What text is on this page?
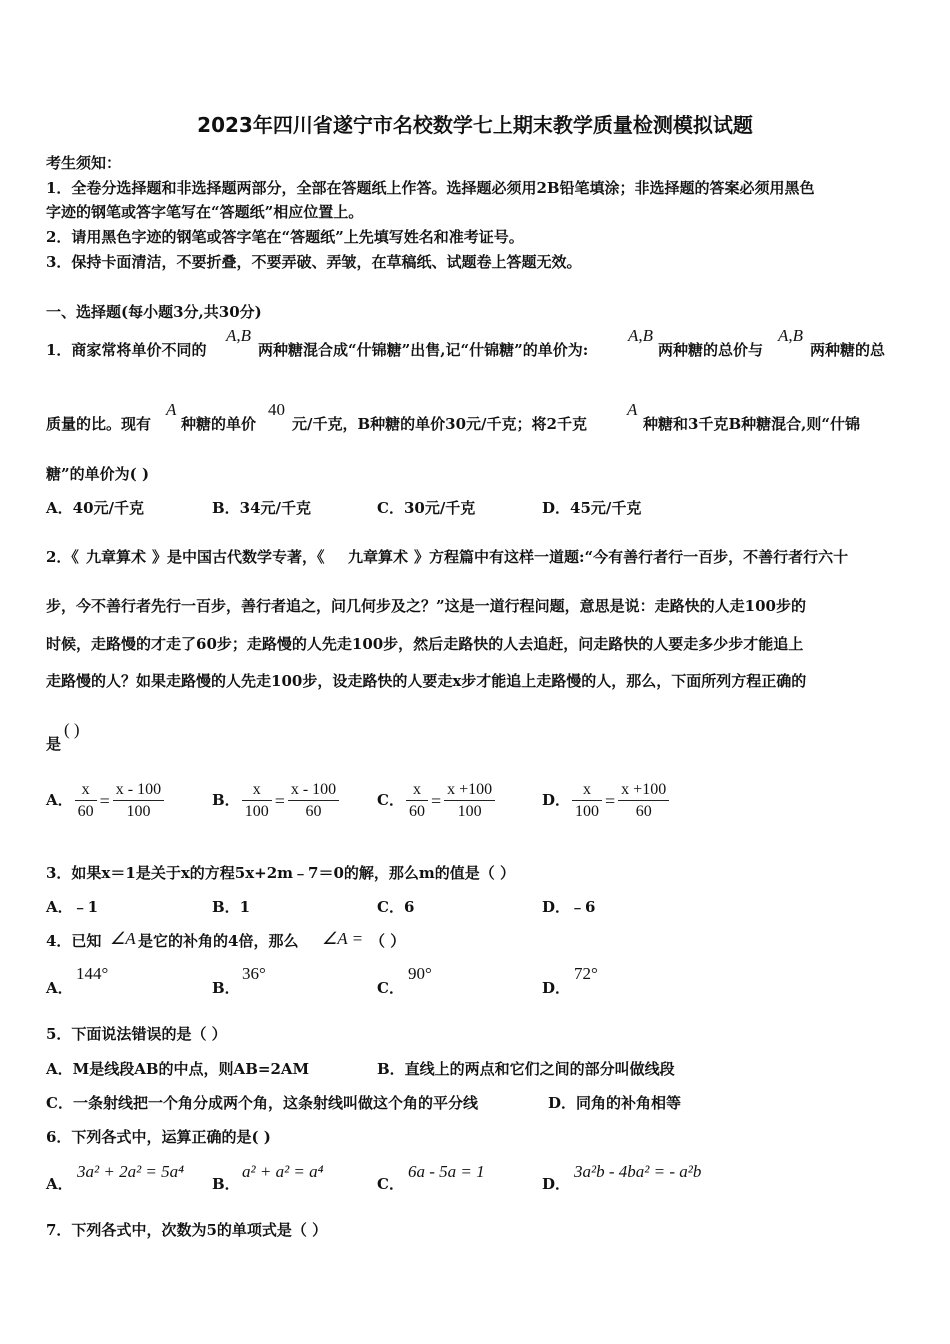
2023年四川省遂宁市名校数学七上期末教学质量检测模拟试题
考生须知：
1．全卷分选择题和非选择题两部分，全部在答题纸上作答。选择题必须用2B铅笔填涂；非选择题的答案必须用黑色
字迹的钢笔或答字笔写在“答题纸”相应位置上。
2．请用黑色字迹的钢笔或答字笔在“答题纸”上先填写姓名和准考证号。
3．保持卡面清洁，不要折叠，不要弄破、弄皱，在草稿纸、试题卷上答题无效。
一、选择题(每小题3分,共30分)
1．商家常将单价不同的
A,B
两种糖混合成“什锦糖”出售,记“什锦糖”的单价为:
A,B
两种糖的总价与
A,B
两种糖的总
质量的比。现有
A
种糖的单价
40
元/千克，B种糖的单价30元/千克；将2千克
A
种糖和3千克B种糖混合,则“什锦
糖”的单价为( )
A．40元/千克	B．34元/千克	C．30元/千克	D．45元/千克
2．《 九章算术 》是中国古代数学专著，《 九章算术 》方程篇中有这样一道题:“今有善行者行一百步，不善行者行六十
步，今不善行者先行一百步，善行者追之，问几何步及之？”这是一道行程问题，意思是说：走路快的人走100步的
时候，走路慢的才走了60步；走路慢的人先走100步，然后走路快的人去追赶，问走路快的人要走多少步才能追上
走路慢的人？如果走路慢的人先走100步，设走路快的人要走x步才能追上走路慢的人，那么，下面所列方程正确的
是
( )
A． $\frac{x}{60} = \frac{x - 100}{100}$	B． $\frac{x}{100} = \frac{x - 100}{60}$	C． $\frac{x}{60} = \frac{x +100}{100}$	D． $\frac{x}{100} = \frac{x +100}{60}$
3．如果x＝1是关于x的方程5x+2m﹣7＝0的解，那么m的值是（ ）
A．﹣1	B．1	C．6	D．﹣6
4．已知 ∠A 是它的补角的4倍，那么 ∠A = （ ）
A．
144°
B．
36°
C．
90°
D．
72°
5．下面说法错误的是（ ）
A．M是线段AB的中点，则AB=2AM	B．直线上的两点和它们之间的部分叫做线段
C．一条射线把一个角分成两个角，这条射线叫做这个角的平分线	D．同角的补角相等
6．下列各式中，运算正确的是( )
A．
3a² + 2a² = 5a⁴
B．
a² + a² = a⁴
C．
6a - 5a = 1
D．
3a²b - 4ba² = - a²b
7．下列各式中，次数为5的单项式是（ ）
